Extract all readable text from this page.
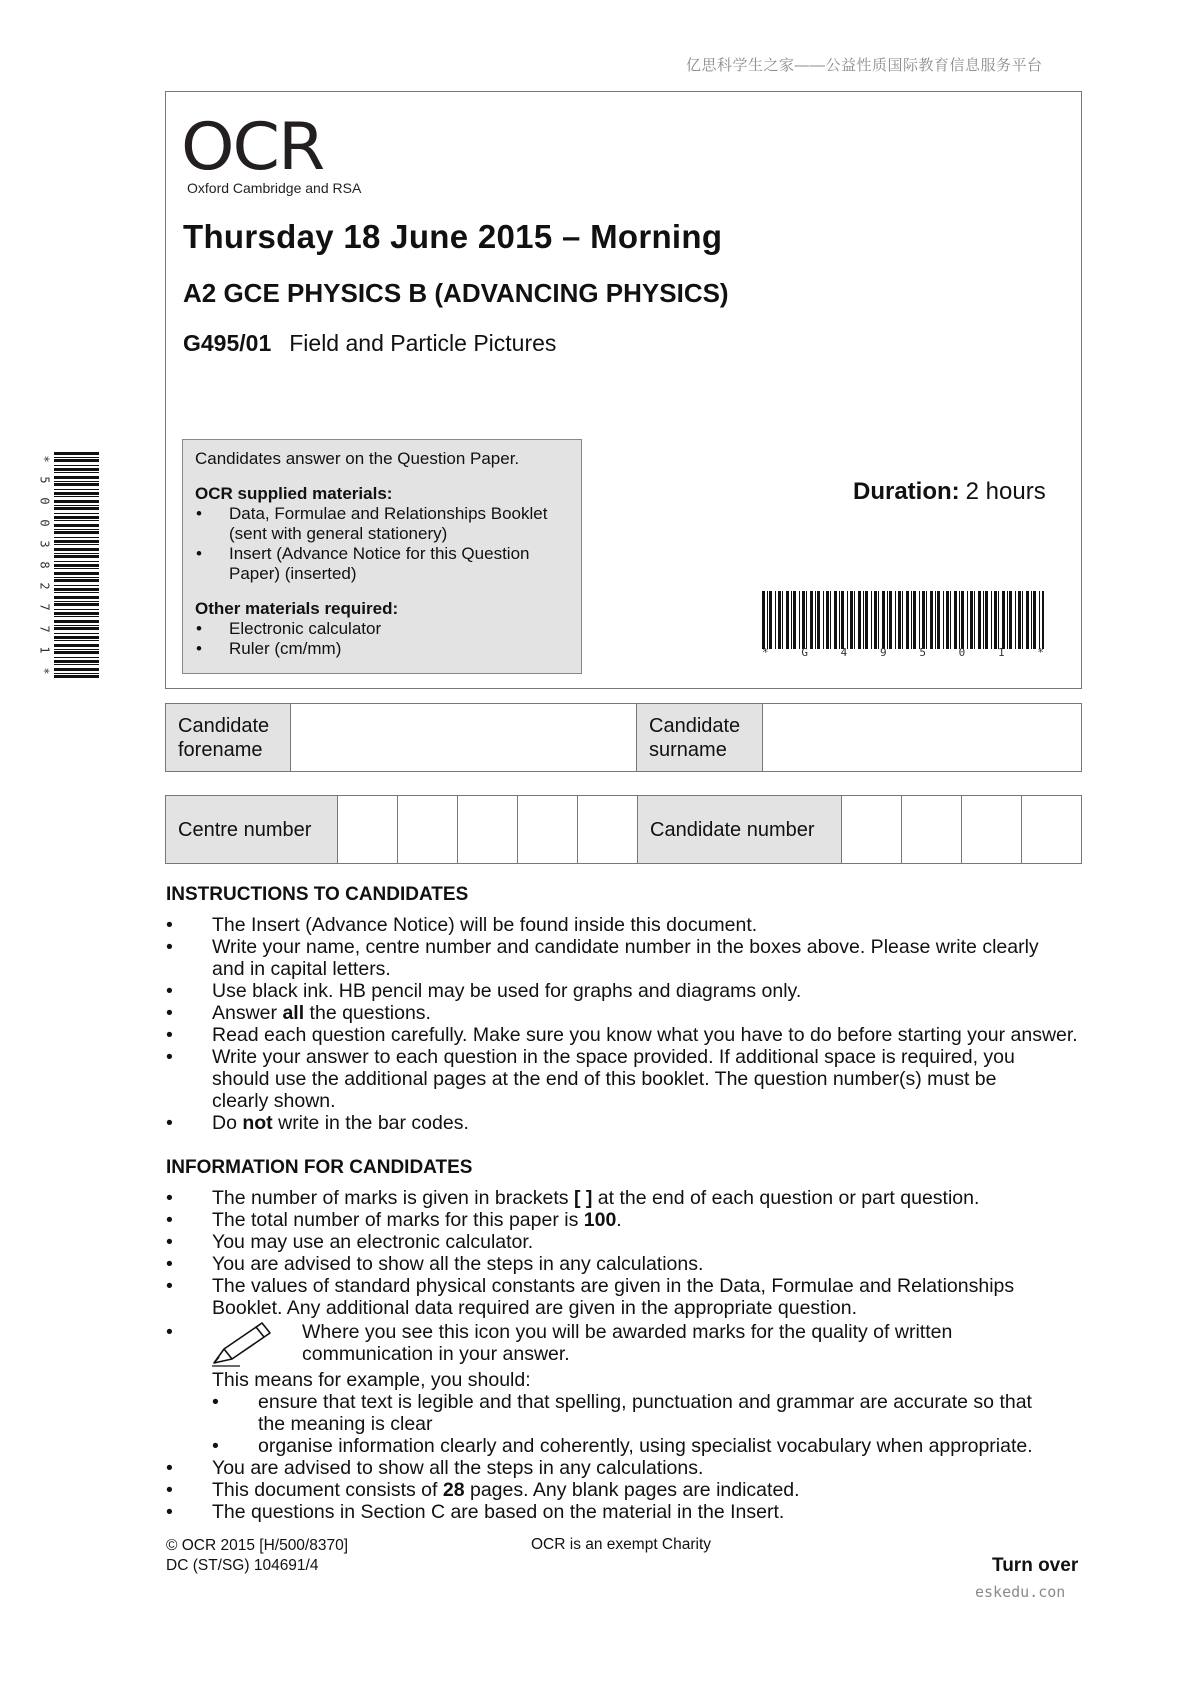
亿思科学生之家——公益性质国际教育信息服务平台
OCR
Oxford Cambridge and RSA
Thursday 18 June 2015 – Morning
A2 GCE PHYSICS B (ADVANCING PHYSICS)
G495/01 Field and Particle Pictures
Candidates answer on the Question Paper.
OCR supplied materials:
• Data, Formulae and Relationships Booklet (sent with general stationery)
• Insert (Advance Notice for this Question Paper) (inserted)
Other materials required:
• Electronic calculator
• Ruler (cm/mm)
Duration: 2 hours
*	G	4	9	5	0	1	*
*
5
0
0
3
8
2
7
7
1
*
Candidate
forename
Candidate
surname
Centre number	Candidate number
INSTRUCTIONS TO CANDIDATES
• The Insert (Advance Notice) will be found inside this document.
• Write your name, centre number and candidate number in the boxes above. Please write clearly
and in capital letters.
• Use black ink. HB pencil may be used for graphs and diagrams only.
• Answer all the questions.
• Read each question carefully. Make sure you know what you have to do before starting your answer.
• Write your answer to each question in the space provided. If additional space is required, you
should use the additional pages at the end of this booklet. The question number(s) must be
clearly shown.
• Do not write in the bar codes.
INFORMATION FOR CANDIDATES
• The number of marks is given in brackets [ ] at the end of each question or part question.
• The total number of marks for this paper is 100.
• You may use an electronic calculator.
• You are advised to show all the steps in any calculations.
• The values of standard physical constants are given in the Data, Formulae and Relationships
Booklet. Any additional data required are given in the appropriate question.
•	Where you see this icon you will be awarded marks for the quality of written
communication in your answer.
This means for example, you should:
• ensure that text is legible and that spelling, punctuation and grammar are accurate so that
the meaning is clear
• organise information clearly and coherently, using specialist vocabulary when appropriate.
• You are advised to show all the steps in any calculations.
• This document consists of 28 pages. Any blank pages are indicated.
• The questions in Section C are based on the material in the Insert.
© OCR 2015 [H/500/8370]
DC (ST/SG) 104691/4
OCR is an exempt Charity
Turn over
eskedu.con
